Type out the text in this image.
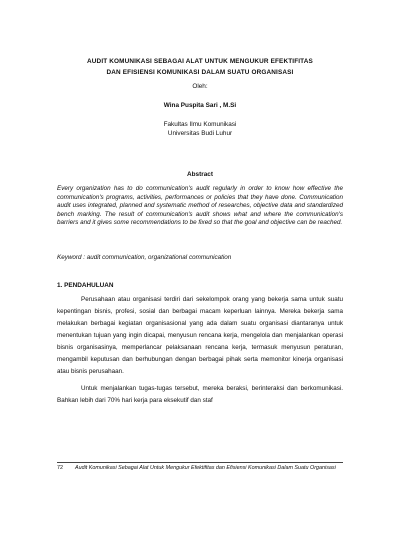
AUDIT KOMUNIKASI SEBAGAI ALAT UNTUK MENGUKUR EFEKTIFITAS
DAN EFISIENSI KOMUNIKASI DALAM SUATU ORGANISASI
Oleh:
Wina Puspita Sari , M.Si
Fakultas Ilmu Komunikasi
Universitas Budi Luhur
Abstract
Every organization has to do communication's audit regularly in order to know how effective the communication's programs, activities, performances or policies that they have done. Communication audit uses integrated, planned and systematic method of researches, objective data and standardized bench marking. The result of communication's audit shows what and where the communication's barriers and it gives some recommendations to be fixed so that the goal and objective can be reached.
Keyword : audit communication, organizational communication
1. PENDAHULUAN

Perusahaan atau organisasi terdiri dari sekelompok orang yang bekerja sama untuk suatu kepentingan bisnis, profesi, sosial dan berbagai macam keperluan lainnya. Mereka bekerja sama melakukan berbagai kegiatan organisasional yang ada dalam suatu organisasi diantaranya untuk menentukan tujuan yang ingin dicapai, menyusun rencana kerja, mengelola dan menjalankan operasi bisnis organisasinya, memperlancar pelaksanaan rencana kerja, termasuk menyusun peraturan, mengambil keputusan dan berhubungan dengan berbagai pihak serta memonitor kinerja organisasi atau bisnis perusahaan.

Untuk menjalankan tugas-tugas tersebut, mereka beraksi, berinteraksi dan berkomunikasi. Bahkan lebih dari 70% hari kerja para eksekutif dan staf

72	Audit Komunikasi Sebagai Alat Untuk Mengukur Efektifitas dan Efisiensi Komunikasi Dalam Suatu Organisasi
